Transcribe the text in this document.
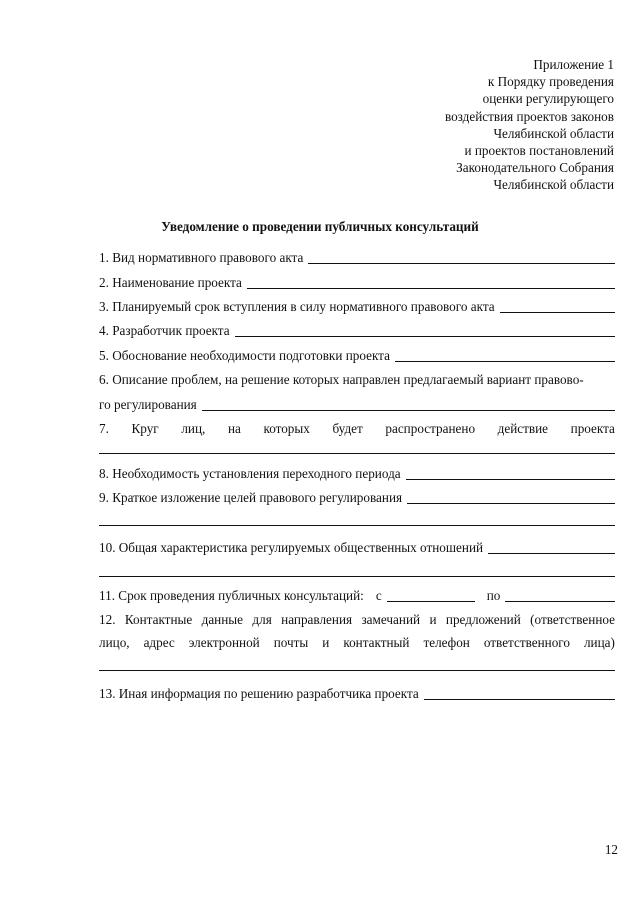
Приложение 1
к Порядку проведения
оценки регулирующего
воздействия проектов законов
Челябинской области
и проектов постановлений
Законодательного Собрания
Челябинской области
Уведомление о проведении публичных консультаций
1. Вид нормативного правового акта
2. Наименование проекта
3. Планируемый срок вступления в силу нормативного правового акта
4. Разработчик проекта
5. Обоснование необходимости подготовки проекта
6. Описание проблем, на решение которых направлен предлагаемый вариант правово-
го регулирования
7. Круг лиц, на которых будет распространено действие проекта
8. Необходимость установления переходного периода
9. Краткое изложение целей правового регулирования
10. Общая характеристика регулируемых общественных отношений
11. Срок проведения публичных консультаций: с	по
12. Контактные данные для направления замечаний и предложений (ответственное
лицо, адрес электронной почты и контактный телефон ответственного лица)
13. Иная информация по решению разработчика проекта
12
